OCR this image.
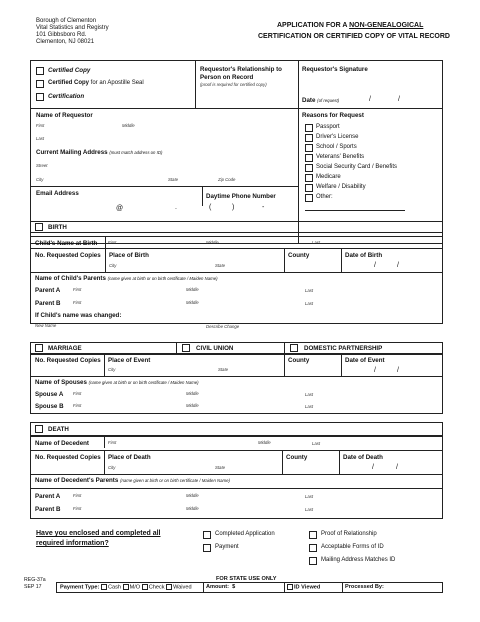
Borough of Clementon
Vital Statistics and Registry
101 Gibbsboro Rd.
Clementon, NJ 08021
APPLICATION FOR A NON-GENEALOGICAL
CERTIFICATION OR CERTIFIED COPY OF VITAL RECORD
Certified Copy
Certified Copy for an Apostille Seal
Certification
Requestor's Relationship to
Person on Record
(proof is required for certified copy)
Requestor's Signature
Date (of request)	/	/
Name of Requestor
First	Middle
Last
Current Mailing Address (must match address on ID)
Street
City	State	Zip Code
Email Address
@	.
Daytime Phone Number
(	)	-
Reasons for Request
Passport
Driver's License
School / Sports
Veterans' Benefits
Social Security Card / Benefits
Medicare
Welfare / Disability
Other:
BIRTH
Child's Name at Birth First	Middle	Last
No. Requested Copies Place of Birth
City	State
County	Date of Birth
/	/
Name of Child's Parents (name given at birth or on birth certificate / Maiden Name)
Parent A	First	Middle	Last
Parent B	First	Middle	Last
If Child's name was changed:
New Name	Describe Change
MARRIAGE	CIVIL UNION	DOMESTIC PARTNERSHIP
No. Requested Copies Place of Event
City	State
County	Date of Event
/	/
Name of Spouses (name given at birth or on birth certificate / Maiden Name)
Spouse A First	Middle	Last
Spouse B First	Middle	Last
DEATH
Name of Decedent	First	Middle	Last
No. Requested Copies Place of Death
City	State
County	Date of Death
/	/
Name of Decedent's Parents (name given at birth or on birth certificate / Maiden Name)
Parent A	First	Middle	Last
Parent B	First	Middle	Last
Have you enclosed and completed all
required information?
Completed Application
Payment
Proof of Relationship
Acceptable Forms of ID
Mailing Address Matches ID
REG-37a
SEP 17
FOR STATE USE ONLY
Payment Type: Cash M/O Check Waived	Amount: $	ID Viewed	Processed By:
